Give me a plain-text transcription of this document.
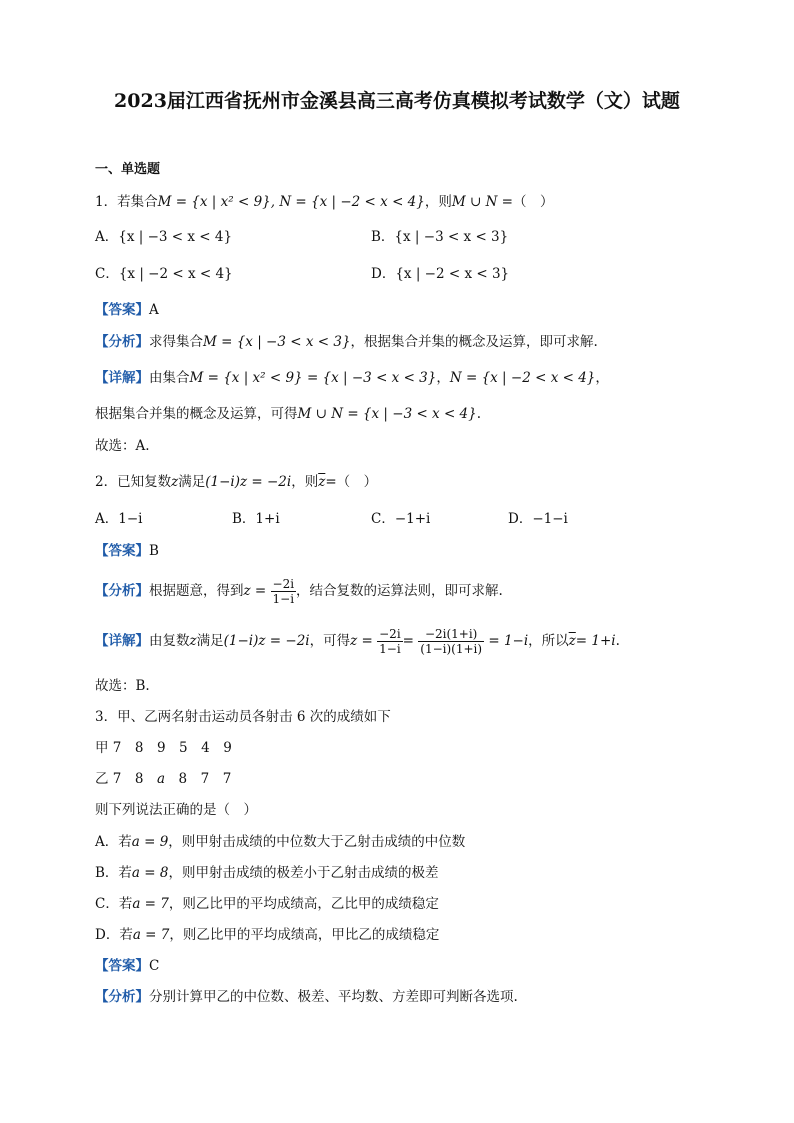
2023届江西省抚州市金溪县高三高考仿真模拟考试数学（文）试题
一、单选题
1．若集合M = {x | x² < 9}, N = {x | −2 < x < 4}，则M ∪ N =（　）
A．{x | −3 < x < 4}	B．{x | −3 < x < 3}
C．{x | −2 < x < 4}	D．{x | −2 < x < 3}
【答案】A
【分析】求得集合M = {x | −3 < x < 3}，根据集合并集的概念及运算，即可求解.
【详解】由集合M = {x | x² < 9} = {x | −3 < x < 3}，N = {x | −2 < x < 4}，
根据集合并集的概念及运算，可得M ∪ N = {x | −3 < x < 4}.
故选：A.
2．已知复数z满足(1−i)z = −2i，则$\overline{z}=$（　）
A．1−i	B．1+i	C．−1+i	D．−1−i
【答案】B
【分析】根据题意，得到$z = \frac{-2i}{1-i}$ ，结合复数的运算法则，即可求解.
【详解】由复数z满足(1−i)z = −2i，可得$z = \frac{-2i}{1-i} = \frac{-2i(1+i)}{(1-i)(1+i)} = 1-i$，所以$\overline{z}= 1+i$.
故选：B.
3．甲、乙两名射击运动员各射击 6 次的成绩如下
甲 7　8　9　5　4　9
乙 7　8　a　8　7　7
则下列说法正确的是（　）
A．若a = 9，则甲射击成绩的中位数大于乙射击成绩的中位数
B．若a = 8，则甲射击成绩的极差小于乙射击成绩的极差
C．若a = 7，则乙比甲的平均成绩高，乙比甲的成绩稳定
D．若a = 7，则乙比甲的平均成绩高，甲比乙的成绩稳定
【答案】C
【分析】分别计算甲乙的中位数、极差、平均数、方差即可判断各选项.
